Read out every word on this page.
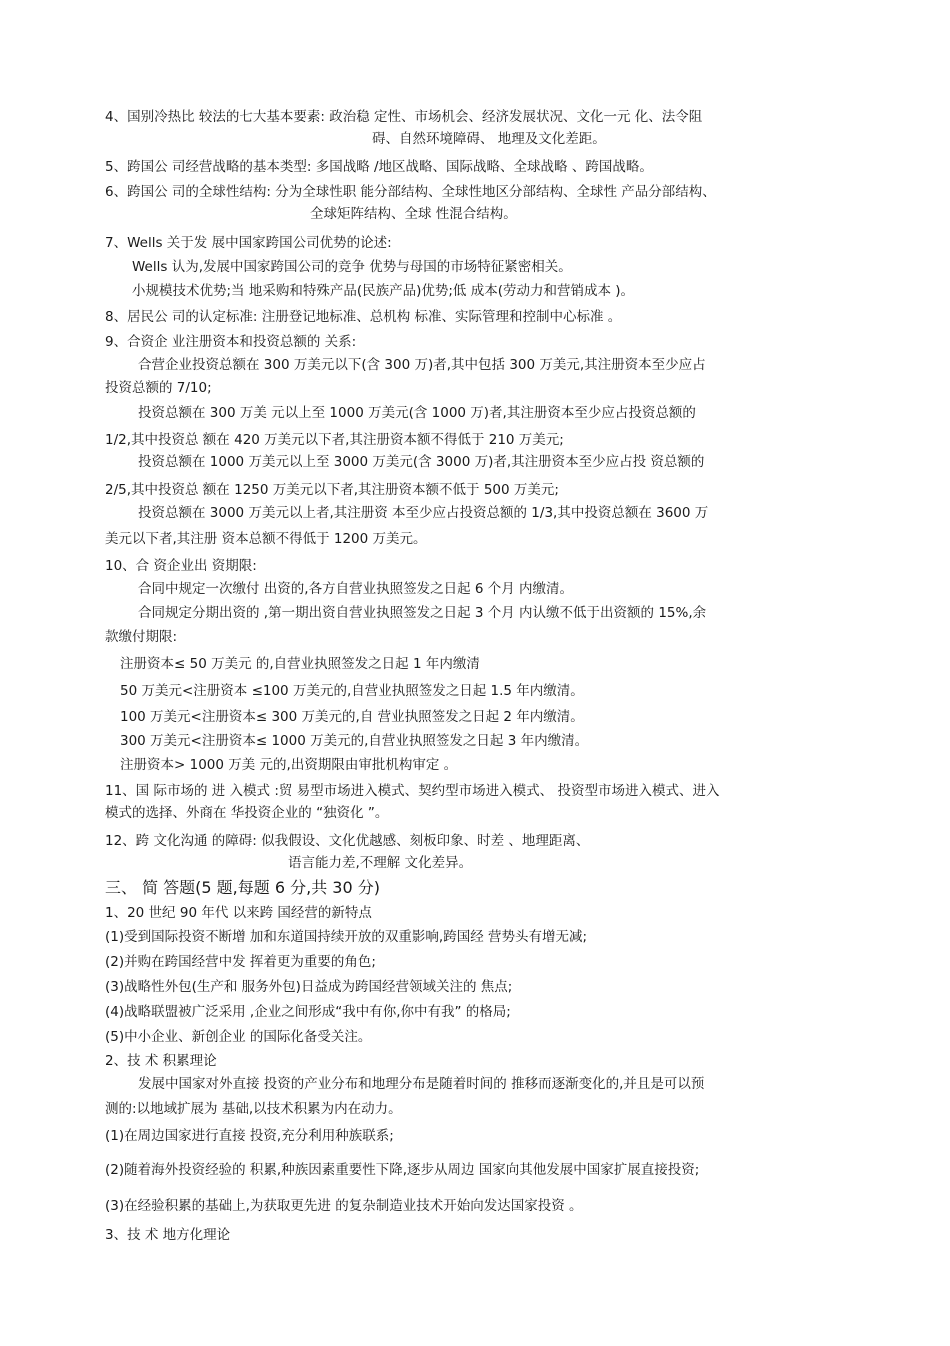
4、国别冷热比 较法的七大基本要素: 政治稳 定性、市场机会、经济发展状况、文化一元 化、法令阻
碍、自然环境障碍、 地理及文化差距。
5、跨国公 司经营战略的基本类型: 多国战略 /地区战略、国际战略、全球战略 、跨国战略。
6、跨国公 司的全球性结构: 分为全球性职 能分部结构、全球性地区分部结构、全球性 产品分部结构、
全球矩阵结构、全球 性混合结构。
7、Wells 关于发 展中国家跨国公司优势的论述:
Wells 认为,发展中国家跨国公司的竞争 优势与母国的市场特征紧密相关。
小规模技术优势;当 地采购和特殊产品(民族产品)优势;低 成本(劳动力和营销成本 )。
8、居民公 司的认定标准: 注册登记地标准、总机构 标准、实际管理和控制中心标准 。
9、合资企 业注册资本和投资总额的 关系:
合营企业投资总额在 300 万美元以下(含 300 万)者,其中包括 300 万美元,其注册资本至少应占
投资总额的 7/10;
投资总额在 300 万美 元以上至 1000 万美元(含 1000 万)者,其注册资本至少应占投资总额的
1/2,其中投资总 额在 420 万美元以下者,其注册资本额不得低于 210 万美元;
投资总额在 1000 万美元以上至 3000 万美元(含 3000 万)者,其注册资本至少应占投 资总额的
2/5,其中投资总 额在 1250 万美元以下者,其注册资本额不低于 500 万美元;
投资总额在 3000 万美元以上者,其注册资 本至少应占投资总额的 1/3,其中投资总额在 3600 万
美元以下者,其注册 资本总额不得低于 1200 万美元。
10、合 资企业出 资期限:
合同中规定一次缴付 出资的,各方自营业执照签发之日起 6 个月 内缴清。
合同规定分期出资的 ,第一期出资自营业执照签发之日起 3 个月 内认缴不低于出资额的 15%,余
款缴付期限:
注册资本≤ 50 万美元 的,自营业执照签发之日起 1 年内缴清
50 万美元<注册资本 ≤100 万美元的,自营业执照签发之日起 1.5 年内缴清。
100 万美元<注册资本≤ 300 万美元的,自 营业执照签发之日起 2 年内缴清。
300 万美元<注册资本≤ 1000 万美元的,自营业执照签发之日起 3 年内缴清。
注册资本> 1000 万美 元的,出资期限由审批机构审定 。
11、国 际市场的 进 入模式 :贸 易型市场进入模式、契约型市场进入模式、 投资型市场进入模式、进入
模式的选择、外商在 华投资企业的 “独资化 ”。
12、跨 文化沟通 的障碍: 似我假设、文化优越感、刻板印象、时差 、地理距离、
语言能力差,不理解 文化差异。
三、 简 答题(5 题,每题 6 分,共 30 分)
1、20 世纪 90 年代 以来跨 国经营的新特点
(1)受到国际投资不断增 加和东道国持续开放的双重影响,跨国经 营势头有增无减;
(2)并购在跨国经营中发 挥着更为重要的角色;
(3)战略性外包(生产和 服务外包)日益成为跨国经营领域关注的 焦点;
(4)战略联盟被广泛采用 ,企业之间形成“我中有你,你中有我” 的格局;
(5)中小企业、新创企业 的国际化备受关注。
2、技 术 积累理论
发展中国家对外直接 投资的产业分布和地理分布是随着时间的 推移而逐渐变化的,并且是可以预
测的:以地域扩展为 基础,以技术积累为内在动力。
(1)在周边国家进行直接 投资,充分利用种族联系;
(2)随着海外投资经验的 积累,种族因素重要性下降,逐步从周边 国家向其他发展中国家扩展直接投资;
(3)在经验积累的基础上,为获取更先进 的复杂制造业技术开始向发达国家投资 。
3、技 术 地方化理论
